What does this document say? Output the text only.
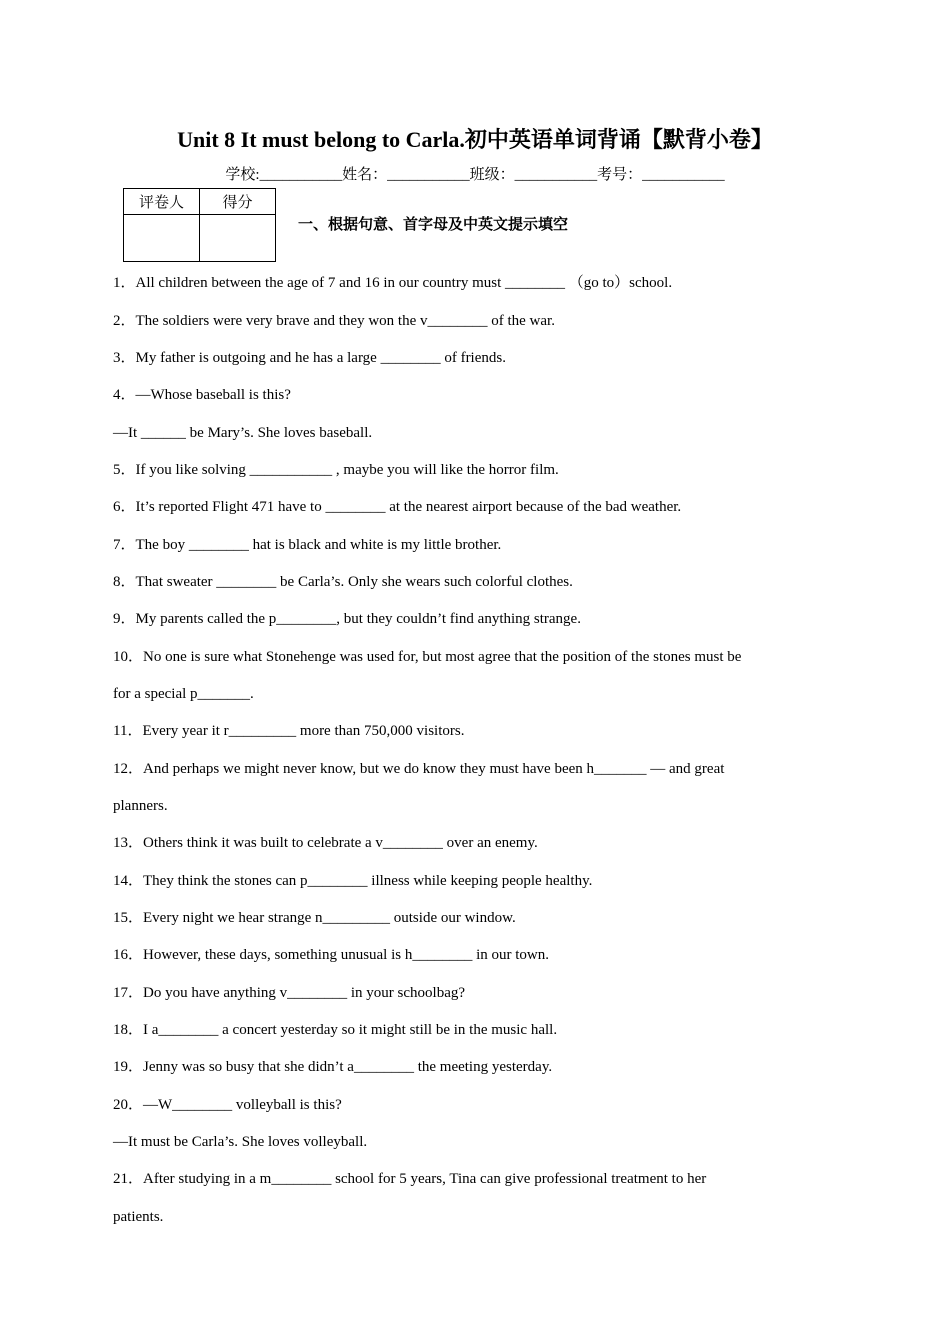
Unit 8 It must belong to Carla.初中英语单词背诵【默背小卷】
学校:___________姓名：___________班级：___________考号：___________
评卷人	得分

一、根据句意、首字母及中英文提示填空
1．All children between the age of 7 and 16 in our country must ________ （go to）school.
2．The soldiers were very brave and they won the v________ of the war.
3．My father is outgoing and he has a large ________ of friends.
4．—Whose baseball is this?
—It ______ be Mary’s. She loves baseball.
5．If you like solving ___________ , maybe you will like the horror film.
6．It’s reported Flight 471 have to ________ at the nearest airport because of the bad weather.
7．The boy ________ hat is black and white is my little brother.
8．That sweater ________ be Carla’s. Only she wears such colorful clothes.
9．My parents called the p________, but they couldn’t find anything strange.
10．No one is sure what Stonehenge was used for, but most agree that the position of the stones must be
for a special p_______.
11．Every year it r_________ more than 750,000 visitors.
12．And perhaps we might never know, but we do know they must have been h_______ — and great
planners.
13．Others think it was built to celebrate a v________ over an enemy.
14．They think the stones can p________ illness while keeping people healthy.
15．Every night we hear strange n_________ outside our window.
16．However, these days, something unusual is h________ in our town.
17．Do you have anything v________ in your schoolbag?
18．I a________ a concert yesterday so it might still be in the music hall.
19．Jenny was so busy that she didn’t a________ the meeting yesterday.
20．—W________ volleyball is this?
—It must be Carla’s. She loves volleyball.
21．After studying in a m________ school for 5 years, Tina can give professional treatment to her
patients.
